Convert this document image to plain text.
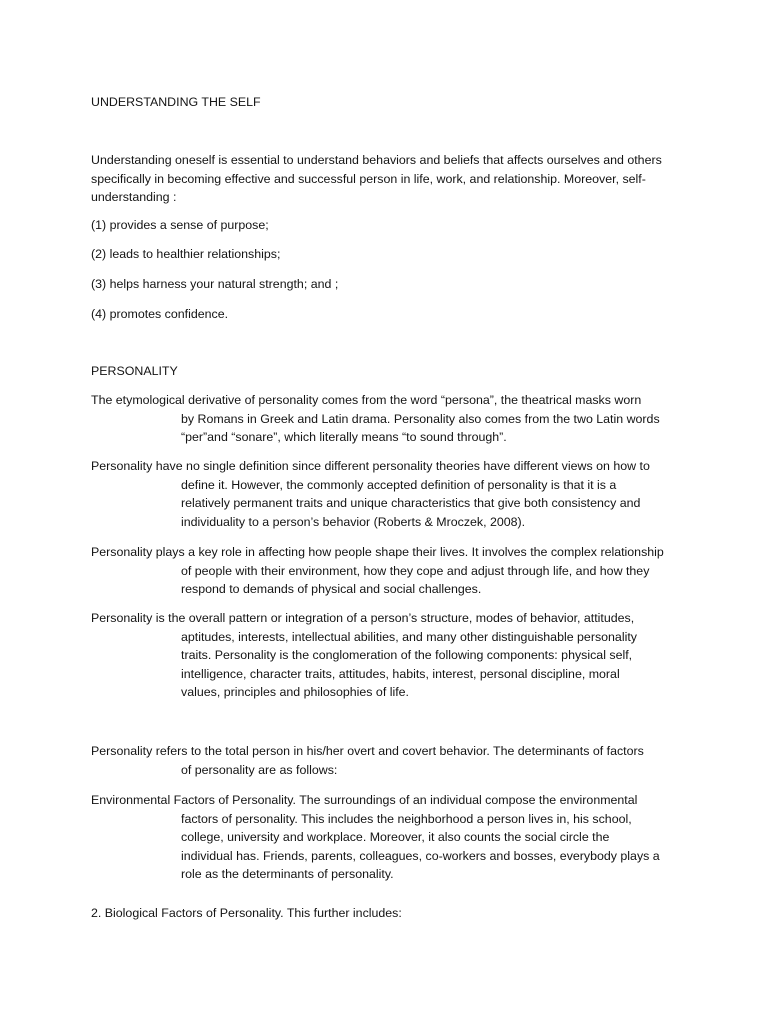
UNDERSTANDING THE SELF

Understanding oneself is essential to understand behaviors and beliefs that affects ourselves and others
specifically in becoming effective and successful person in life, work, and relationship. Moreover, self-
understanding :

(1) provides a sense of purpose;

(2) leads to healthier relationships;

(3) helps harness your natural strength; and ;

(4) promotes confidence.

PERSONALITY

The etymological derivative of personality comes from the word “persona”, the theatrical masks worn
by Romans in Greek and Latin drama. Personality also comes from the two Latin words
“per”and “sonare”, which literally means “to sound through”.
Personality have no single definition since different personality theories have different views on how to
define it. However, the commonly accepted definition of personality is that it is a
relatively permanent traits and unique characteristics that give both consistency and
individuality to a person’s behavior (Roberts & Mroczek, 2008).
Personality plays a key role in affecting how people shape their lives. It involves the complex relationship
of people with their environment, how they cope and adjust through life, and how they
respond to demands of physical and social challenges.
Personality is the overall pattern or integration of a person’s structure, modes of behavior, attitudes,
aptitudes, interests, intellectual abilities, and many other distinguishable personality
traits. Personality is the conglomeration of the following components: physical self,
intelligence, character traits, attitudes, habits, interest, personal discipline, moral
values, principles and philosophies of life.
Personality refers to the total person in his/her overt and covert behavior. The determinants of factors
of personality are as follows:
Environmental Factors of Personality. The surroundings of an individual compose the environmental
factors of personality. This includes the neighborhood a person lives in, his school,
college, university and workplace. Moreover, it also counts the social circle the
individual has. Friends, parents, colleagues, co-workers and bosses, everybody plays a
role as the determinants of personality.

2. Biological Factors of Personality. This further includes:
